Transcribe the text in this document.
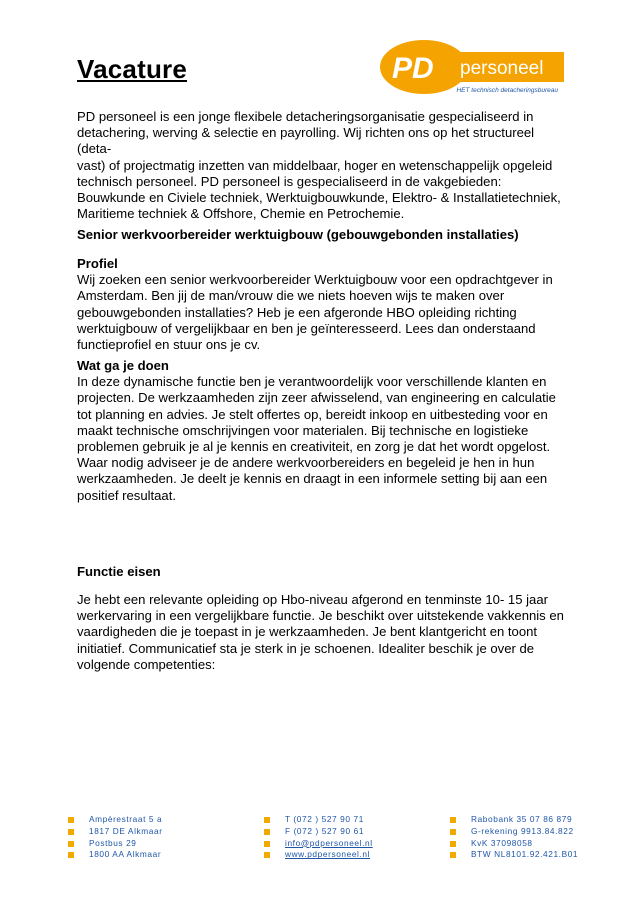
Vacature	PD personeel
HET technisch detacheringsbureau

PD personeel is een jonge flexibele detacheringsorganisatie gespecialiseerd in

detachering, werving & selectie en payrolling. Wij richten ons op het structureel (deta-

vast) of projectmatig inzetten van middelbaar, hoger en wetenschappelijk opgeleid

technisch personeel. PD personeel is gespecialiseerd in de vakgebieden:

Bouwkunde en Civiele techniek, Werktuigbouwkunde, Elektro- & Installatietechniek,

Maritieme techniek & Offshore, Chemie en Petrochemie.

Senior werkvoorbereider werktuigbouw (gebouwgebonden installaties)

Profiel

Wij zoeken een senior werkvoorbereider Werktuigbouw voor een opdrachtgever in

Amsterdam. Ben jij de man/vrouw die we niets hoeven wijs te maken over

gebouwgebonden installaties? Heb je een afgeronde HBO opleiding richting

werktuigbouw of vergelijkbaar en ben je geïnteresseerd. Lees dan onderstaand

functieprofiel en stuur ons je cv.

Wat ga je doen

In deze dynamische functie ben je verantwoordelijk voor verschillende klanten en

projecten. De werkzaamheden zijn zeer afwisselend, van engineering en calculatie

tot planning en advies. Je stelt offertes op, bereidt inkoop en uitbesteding voor en

maakt technische omschrijvingen voor materialen. Bij technische en logistieke

problemen gebruik je al je kennis en creativiteit, en zorg je dat het wordt opgelost.

Waar nodig adviseer je de andere werkvoorbereiders en begeleid je hen in hun

werkzaamheden. Je deelt je kennis en draagt in een informele setting bij aan een

positief resultaat.

Functie eisen

Je hebt een relevante opleiding op Hbo-niveau afgerond en tenminste 10- 15 jaar

werkervaring in een vergelijkbare functie. Je beschikt over uitstekende vakkennis en

vaardigheden die je toepast in je werkzaamheden. Je bent klantgericht en toont

initiatief. Communicatief sta je sterk in je schoenen. Idealiter beschik je over de

volgende competenties:

Ampèrestraat 5 a
1817 DE Alkmaar
Postbus 29
1800 AA Alkmaar
T (072 ) 527 90 71
F (072 ) 527 90 61
info@pdpersoneel.nl
www.pdpersoneel.nl
Rabobank 35 07 86 879
G-rekening 9913.84.822
KvK 37098058
BTW NL8101.92.421.B01
